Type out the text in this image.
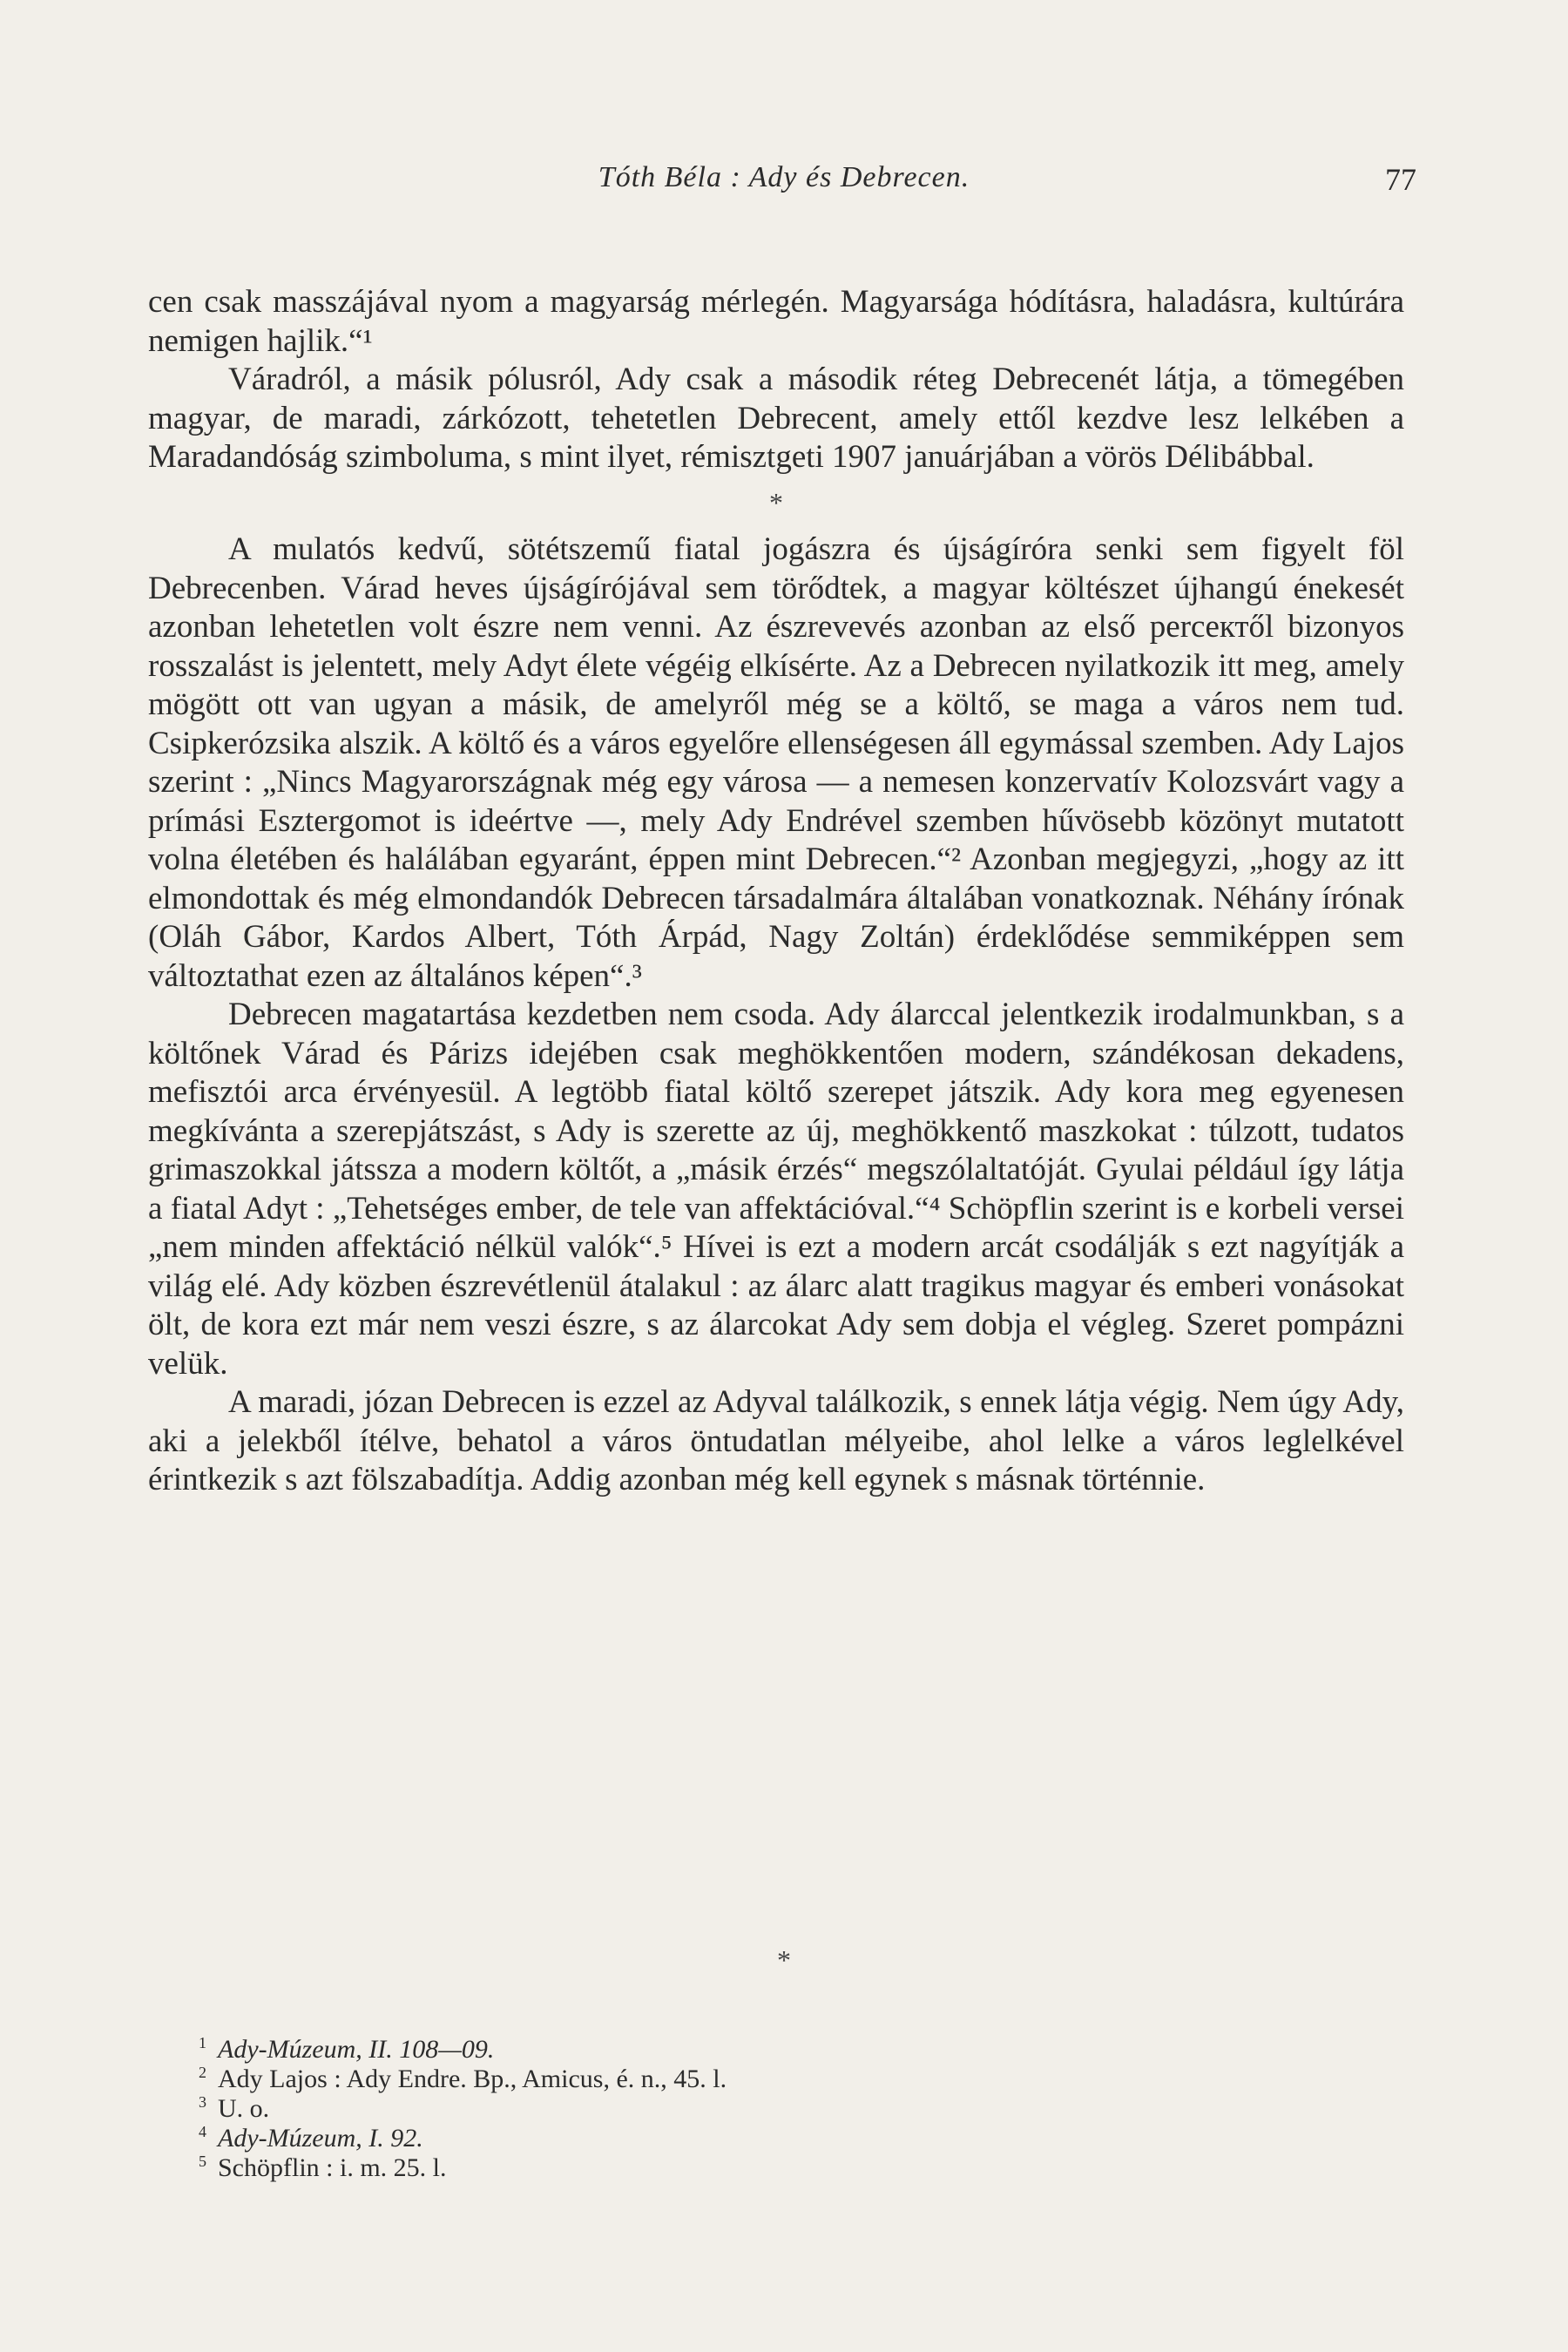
Tóth Béla : Ady és Debrecen.	77

cen csak masszájával nyom a magyarság mérlegén. Magyarsága hódításra, haladásra, kultúrára nemigen hajlik.“¹

Váradról, a másik pólusról, Ady csak a második réteg Debrecenét látja, a tömegében magyar, de maradi, zárkózott, tehetetlen Debrecent, amely ettől kezdve lesz lelkében a Maradandóság szimboluma, s mint ilyet, rémisztgeti 1907 januárjában a vörös Délibábbal.

*

A mulatós kedvű, sötétszemű fiatal jogászra és újságíróra senki sem figyelt föl Debrecenben. Várad heves újságírójával sem törődtek, a magyar költészet újhangú énekesét azonban lehetetlen volt észre nem venni. Az észrevevés azonban az első perceктől bizonyos rosszalást is jelentett, mely Adyt élete végéig elkísérte. Az a Debrecen nyilatkozik itt meg, amely mögött ott van ugyan a másik, de amelyről még se a költő, se maga a város nem tud. Csipkerózsika alszik. A költő és a város egyelőre ellenségesen áll egymással szemben. Ady Lajos szerint : „Nincs Magyarországnak még egy városa — a nemesen konzervatív Kolozsvárt vagy a prímási Esztergomot is ideértve —, mely Ady Endrével szemben hűvösebb közönyt mutatott volna életében és halálában egyaránt, éppen mint Debrecen.“² Azonban megjegyzi, „hogy az itt elmondottak és még elmondandók Debrecen társadalmára általában vonatkoznak. Néhány írónak (Oláh Gábor, Kardos Albert, Tóth Árpád, Nagy Zoltán) érdeklődése semmiképpen sem változtathat ezen az általános képen“.³

Debrecen magatartása kezdetben nem csoda. Ady álarccal jelentkezik irodalmunkban, s a költőnek Várad és Párizs idejében csak meghökkentően modern, szándékosan dekadens, mefisztói arca érvényesül. A legtöbb fiatal költő szerepet játszik. Ady kora meg egyenesen megkívánta a szerepjátszást, s Ady is szerette az új, meghökkentő maszkokat : túlzott, tudatos grimaszokkal játssza a modern költőt, a „másik érzés“ megszólaltatóját. Gyulai például így látja a fiatal Adyt : „Tehetséges ember, de tele van affektációval.“⁴ Schöpflin szerint is e korbeli versei „nem minden affektáció nélkül valók“.⁵ Hívei is ezt a modern arcát csodálják s ezt nagyítják a világ elé. Ady közben észrevétlenül átalakul : az álarc alatt tragikus magyar és emberi vonásokat ölt, de kora ezt már nem veszi észre, s az álarcokat Ady sem dobja el végleg. Szeret pompázni velük.

A maradi, józan Debrecen is ezzel az Adyval találkozik, s ennek látja végig. Nem úgy Ady, aki a jelekből ítélve, behatol a város öntudatlan mélyeibe, ahol lelke a város leglelkével érintkezik s azt fölszabadítja. Addig azonban még kell egynek s másnak történnie.

*
1 Ady-Múzeum, II. 108—09.
2 Ady Lajos : Ady Endre. Bp., Amicus, é. n., 45. l.
3 U. o.
4 Ady-Múzeum, I. 92.
5 Schöpflin : i. m. 25. l.
